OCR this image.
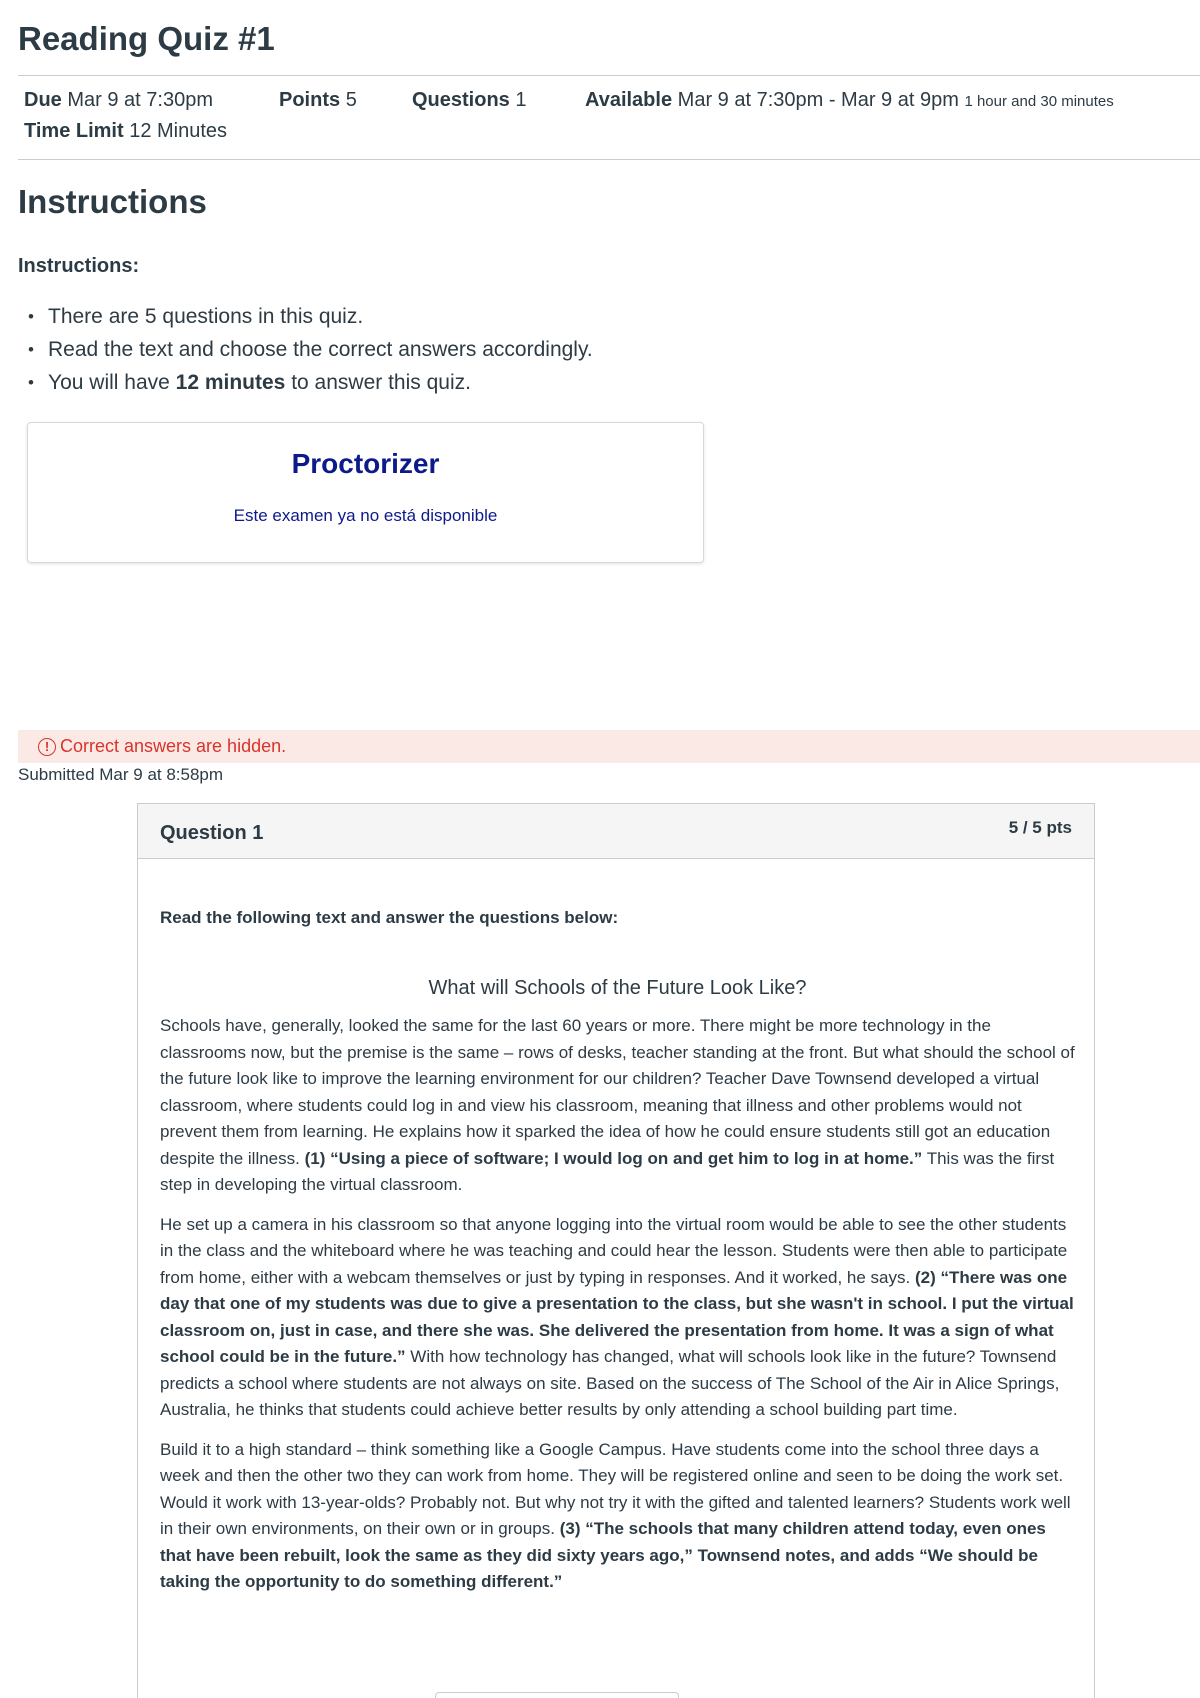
Reading Quiz #1
Due Mar 9 at 7:30pm	Points 5	Questions 1	Available Mar 9 at 7:30pm - Mar 9 at 9pm 1 hour and 30 minutes
Time Limit 12 Minutes
Instructions
Instructions:
• There are 5 questions in this quiz.
• Read the text and choose the correct answers accordingly.
• You will have 12 minutes to answer this quiz.
Proctorizer
Este examen ya no está disponible
! Correct answers are hidden.
Submitted Mar 9 at 8:58pm
Question 1	5 / 5 pts
Read the following text and answer the questions below:
What will Schools of the Future Look Like?

Schools have, generally, looked the same for the last 60 years or more. There might be more technology in the classrooms now, but the premise is the same – rows of desks, teacher standing at the front. But what should the school of the future look like to improve the learning environment for our children? Teacher Dave Townsend developed a virtual classroom, where students could log in and view his classroom, meaning that illness and other problems would not prevent them from learning. He explains how it sparked the idea of how he could ensure students still got an education despite the illness. (1) “Using a piece of software; I would log on and get him to log in at home.” This was the first step in developing the virtual classroom.

He set up a camera in his classroom so that anyone logging into the virtual room would be able to see the other students in the class and the whiteboard where he was teaching and could hear the lesson. Students were then able to participate from home, either with a webcam themselves or just by typing in responses. And it worked, he says. (2) “There was one day that one of my students was due to give a presentation to the class, but she wasn't in school. I put the virtual classroom on, just in case, and there she was. She delivered the presentation from home. It was a sign of what school could be in the future.” With how technology has changed, what will schools look like in the future? Townsend predicts a school where students are not always on site. Based on the success of The School of the Air in Alice Springs, Australia, he thinks that students could achieve better results by only attending a school building part time.

Build it to a high standard – think something like a Google Campus. Have students come into the school three days a week and then the other two they can work from home. They will be registered online and seen to be doing the work set. Would it work with 13-year-olds? Probably not. But why not try it with the gifted and talented learners? Students work well in their own environments, on their own or in groups. (3) “The schools that many children attend today, even ones that have been rebuilt, look the same as they did sixty years ago,” Townsend notes, and adds “We should be taking the opportunity to do something different.”
